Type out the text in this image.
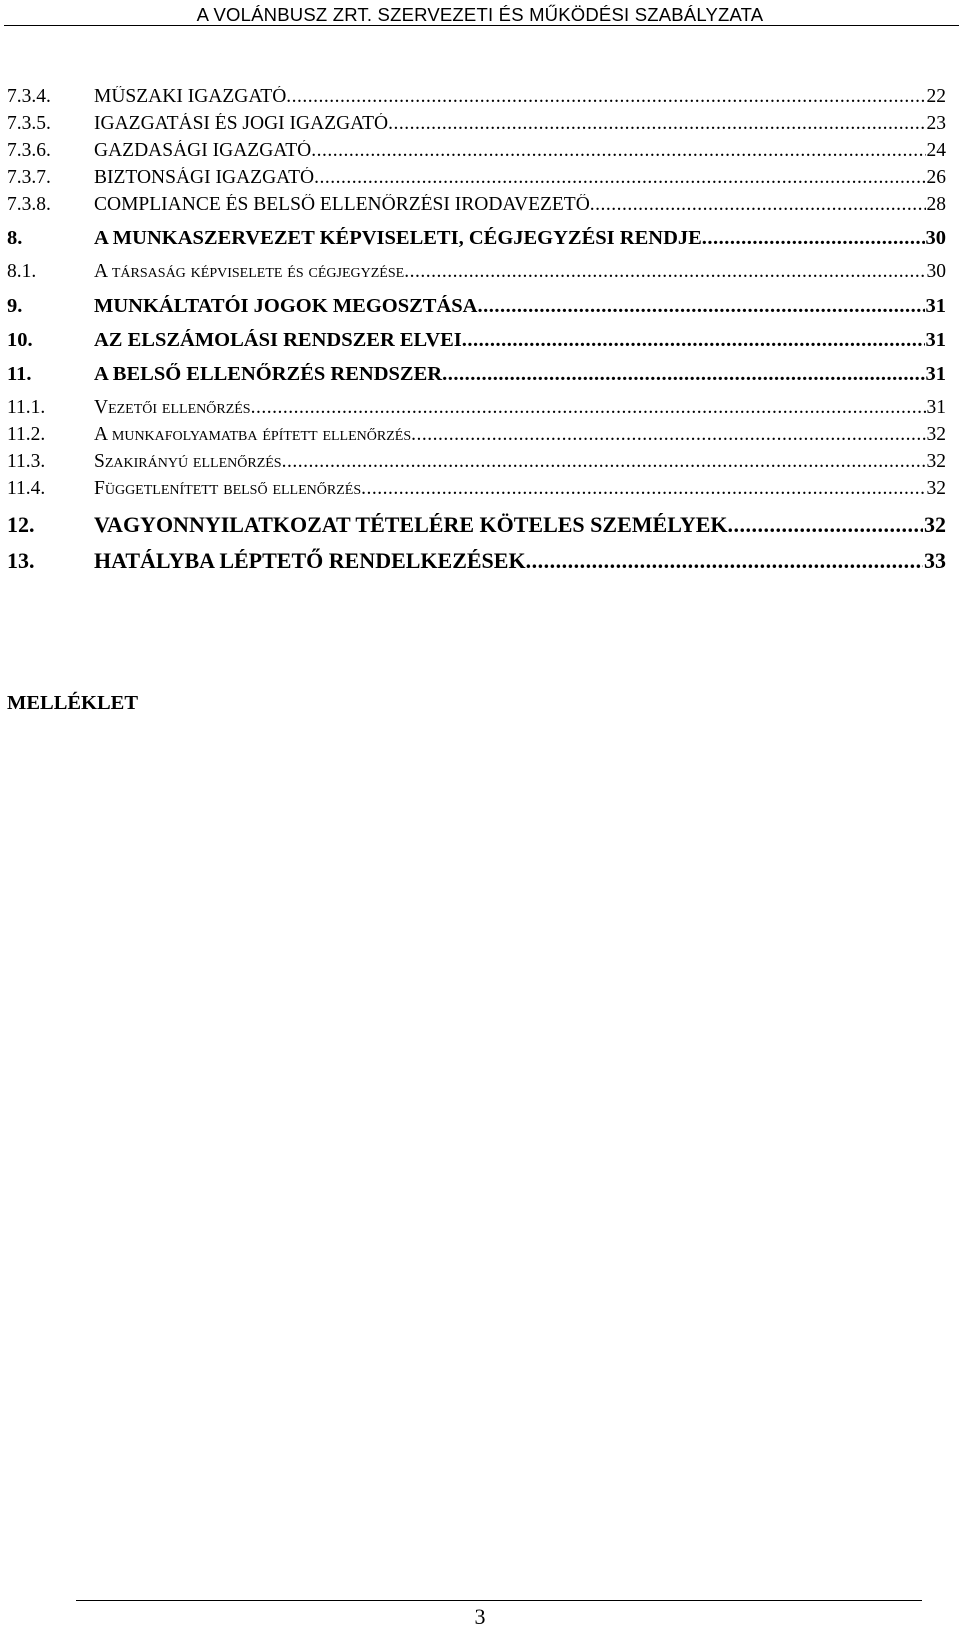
A VOLÁNBUSZ ZRT. SZERVEZETI ÉS MŰKÖDÉSI SZABÁLYZATA
7.3.4.	MŰSZAKI IGAZGATÓ .....	22
7.3.5.	IGAZGATÁSI ÉS JOGI IGAZGATÓ .....	23
7.3.6.	GAZDASÁGI IGAZGATÓ .....	24
7.3.7.	BIZTONSÁGI IGAZGATÓ .....	26
7.3.8.	COMPLIANCE ÉS BELSŐ ELLENŐRZÉSI IRODAVEZETŐ .....	28
8.	A MUNKASZERVEZET KÉPVISELETI, CÉGJEGYZÉSI RENDJE .....	30
8.1.	A társaság képviselete és cégjegyzése .....	30
9.	MUNKÁLTATÓI JOGOK MEGOSZTÁSA .....	31
10.	AZ ELSZÁMOLÁSI RENDSZER ELVEI .....	31
11.	A BELSŐ ELLENŐRZÉS RENDSZER .....	31
11.1.	Vezetői ellenőrzés .....	31
11.2.	A munkafolyamatba épített ellenőrzés .....	32
11.3.	Szakirányú ellenőrzés .....	32
11.4.	Függetlenített belső ellenőrzés .....	32
12.	VAGYONNYILATKOZAT TÉTELÉRE KÖTELES SZEMÉLYEK .....	32
13.	HATÁLYBA LÉPTETŐ RENDELKEZÉSEK .....	33
MELLÉKLET
3
